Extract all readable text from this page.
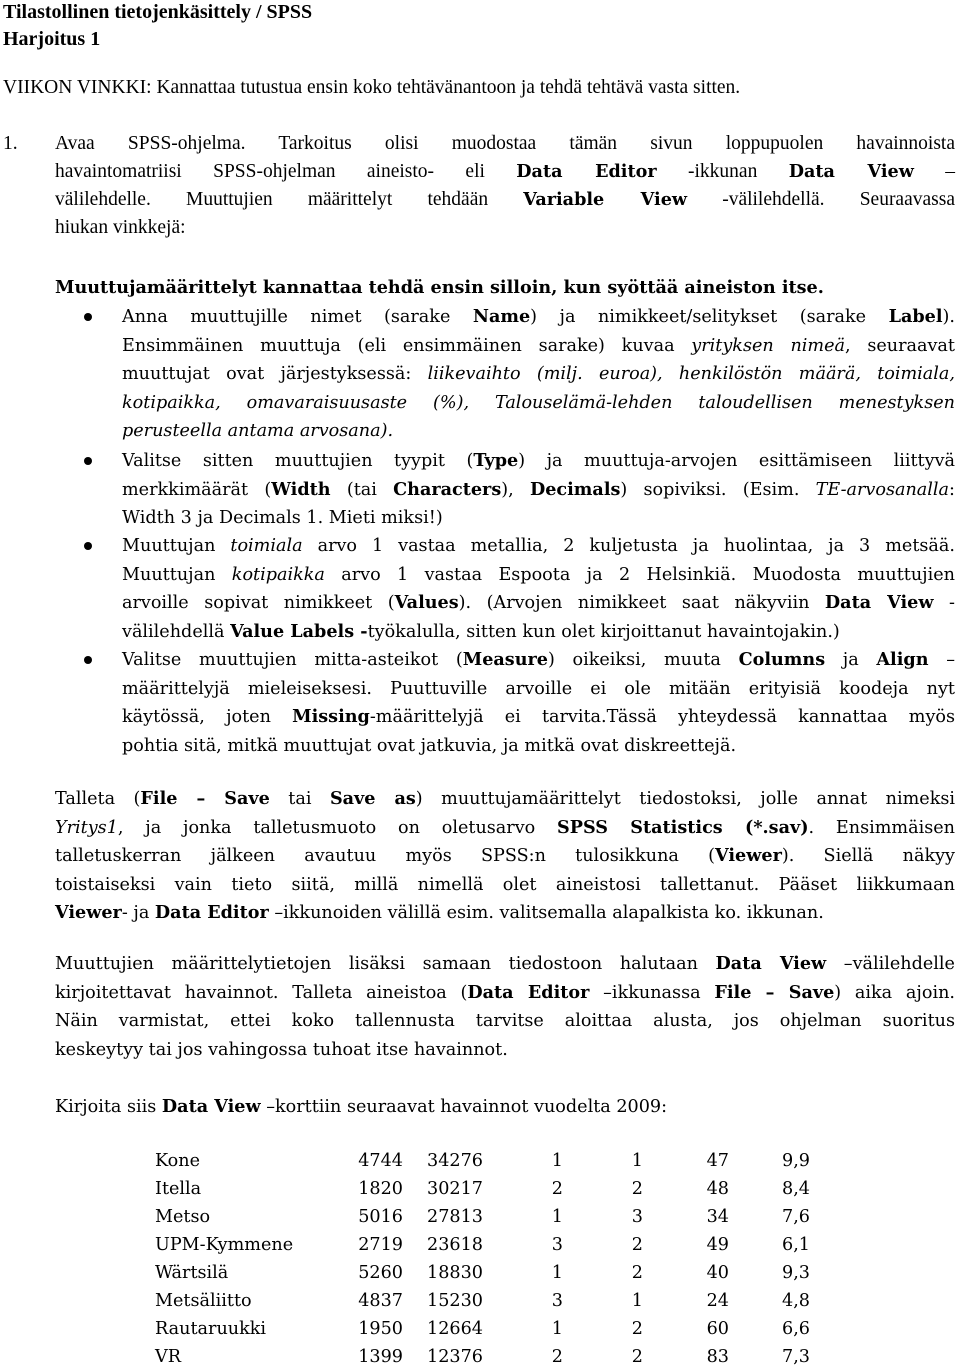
Tilastollinen tietojenkäsittely / SPSS
Harjoitus 1
VIIKON VINKKI: Kannattaa tutustua ensin koko tehtävänantoon ja tehdä tehtävä vasta sitten.
1. Avaa SPSS-ohjelma. Tarkoitus olisi muodostaa tämän sivun loppupuolen havainnoista
havaintomatriisi SPSS-ohjelman aineisto- eli Data Editor -ikkunan Data View –
välilehdelle. Muuttujien määrittelyt tehdään Variable View -välilehdellä. Seuraavassa
hiukan vinkkejä:
Muuttujamäärittelyt kannattaa tehdä ensin silloin, kun syöttää aineiston itse.
Anna muuttujille nimet (sarake Name) ja nimikkeet/selitykset (sarake Label).
Ensimmäinen muuttuja (eli ensimmäinen sarake) kuvaa yrityksen nimeä, seuraavat
muuttujat ovat järjestyksessä: liikevaihto (milj. euroa), henkilöstön määrä, toimiala,
kotipaikka, omavaraisuusaste (%), Talouselämä-lehden taloudellisen menestyksen
perusteella antama arvosana).
Valitse sitten muuttujien tyypit (Type) ja muuttuja-arvojen esittämiseen liittyvä
merkkimäärät (Width (tai Characters), Decimals) sopiviksi. (Esim. TE-arvosanalla:
Width 3 ja Decimals 1. Mieti miksi!)
Muuttujan toimiala arvo 1 vastaa metallia, 2 kuljetusta ja huolintaa, ja 3 metsää.
Muuttujan kotipaikka arvo 1 vastaa Espoota ja 2 Helsinkiä. Muodosta muuttujien
arvoille sopivat nimikkeet (Values). (Arvojen nimikkeet saat näkyviin Data View -
välilehdellä Value Labels -työkalulla, sitten kun olet kirjoittanut havaintojakin.)
Valitse muuttujien mitta-asteikot (Measure) oikeiksi, muuta Columns ja Align –
määrittelyjä mieleiseksesi. Puuttuville arvoille ei ole mitään erityisiä koodeja nyt
käytössä, joten Missing-määrittelyjä ei tarvita.Tässä yhteydessä kannattaa myös
pohtia sitä, mitkä muuttujat ovat jatkuvia, ja mitkä ovat diskreettejä.
Talleta (File – Save tai Save as) muuttujamäärittelyt tiedostoksi, jolle annat nimeksi
Yritys1, ja jonka talletusmuoto on oletusarvo SPSS Statistics (*.sav). Ensimmäisen
talletuskerran jälkeen avautuu myös SPSS:n tulosikkuna (Viewer). Siellä näkyy
toistaiseksi vain tieto siitä, millä nimellä olet aineistosi tallettanut. Pääset liikkumaan
Viewer- ja Data Editor –ikkunoiden välillä esim. valitsemalla alapalkista ko. ikkunan.
Muuttujien määrittelytietojen lisäksi samaan tiedostoon halutaan Data View –välilehdelle
kirjoitettavat havainnot. Talleta aineistoa (Data Editor –ikkunassa File – Save) aika ajoin.
Näin varmistat, ettei koko tallennusta tarvitse aloittaa alusta, jos ohjelman suoritus
keskeytyy tai jos vahingossa tuhoat itse havainnot.
Kirjoita siis Data View –korttiin seuraavat havainnot vuodelta 2009:
Kone	4744	34276	1	1	47	9,9
Itella	1820	30217	2	2	48	8,4
Metso	5016	27813	1	3	34	7,6
UPM-Kymmene	2719	23618	3	2	49	6,1
Wärtsilä	5260	18830	1	2	40	9,3
Metsäliitto	4837	15230	3	1	24	4,8
Rautaruukki	1950	12664	1	2	60	6,6
VR	1399	12376	2	2	83	7,3
